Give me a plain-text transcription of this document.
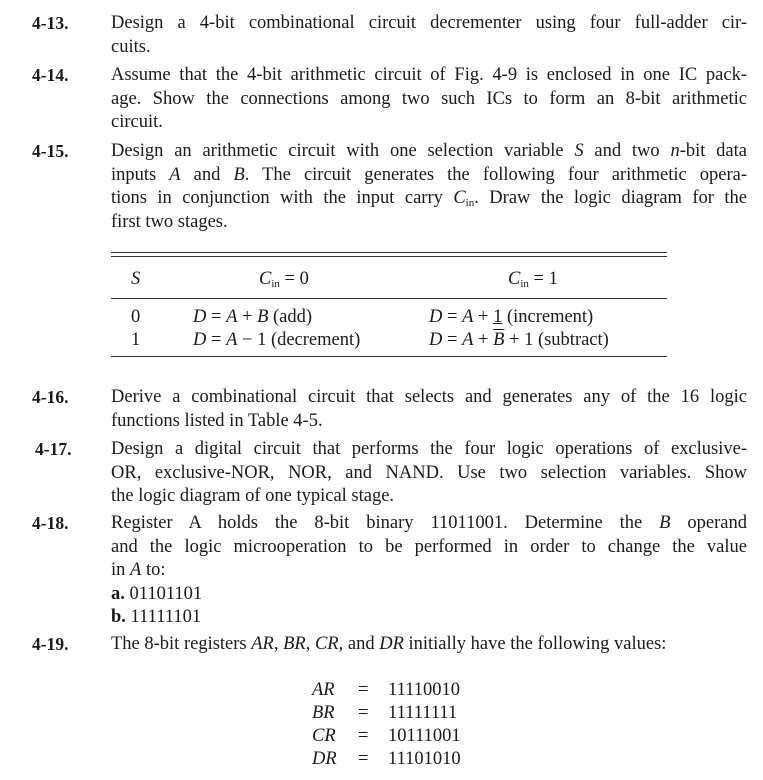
4-13. Design a 4-bit combinational circuit decrementer using four full-adder cir-
cuits.
4-14. Assume that the 4-bit arithmetic circuit of Fig. 4-9 is enclosed in one IC pack-
age. Show the connections among two such ICs to form an 8-bit arithmetic
circuit.
4-15. Design an arithmetic circuit with one selection variable S and two n-bit data
inputs A and B. The circuit generates the following four arithmetic opera-
tions in conjunction with the input carry $C_{in}$. Draw the logic diagram for the
first two stages.
S	$C_{in} = 0$	$C_{in} = 1$
0	D = A + B (add)	D = A + 1 (increment)
1	D = A − 1 (decrement)	$D = A + \overline{B} + 1$ (subtract)
4-16. Derive a combinational circuit that selects and generates any of the 16 logic
functions listed in Table 4-5.
4-17. Design a digital circuit that performs the four logic operations of exclusive-
OR, exclusive-NOR, NOR, and NAND. Use two selection variables. Show
the logic diagram of one typical stage.
4-18. Register A holds the 8-bit binary 11011001. Determine the B operand
and the logic microoperation to be performed in order to change the value
in A to:
a. 01101101
b. 11111101
4-19. The 8-bit registers AR, BR, CR, and DR initially have the following values:
AR	= 11110010
BR	= 11111111
CR	= 10111001
DR = 11101010
